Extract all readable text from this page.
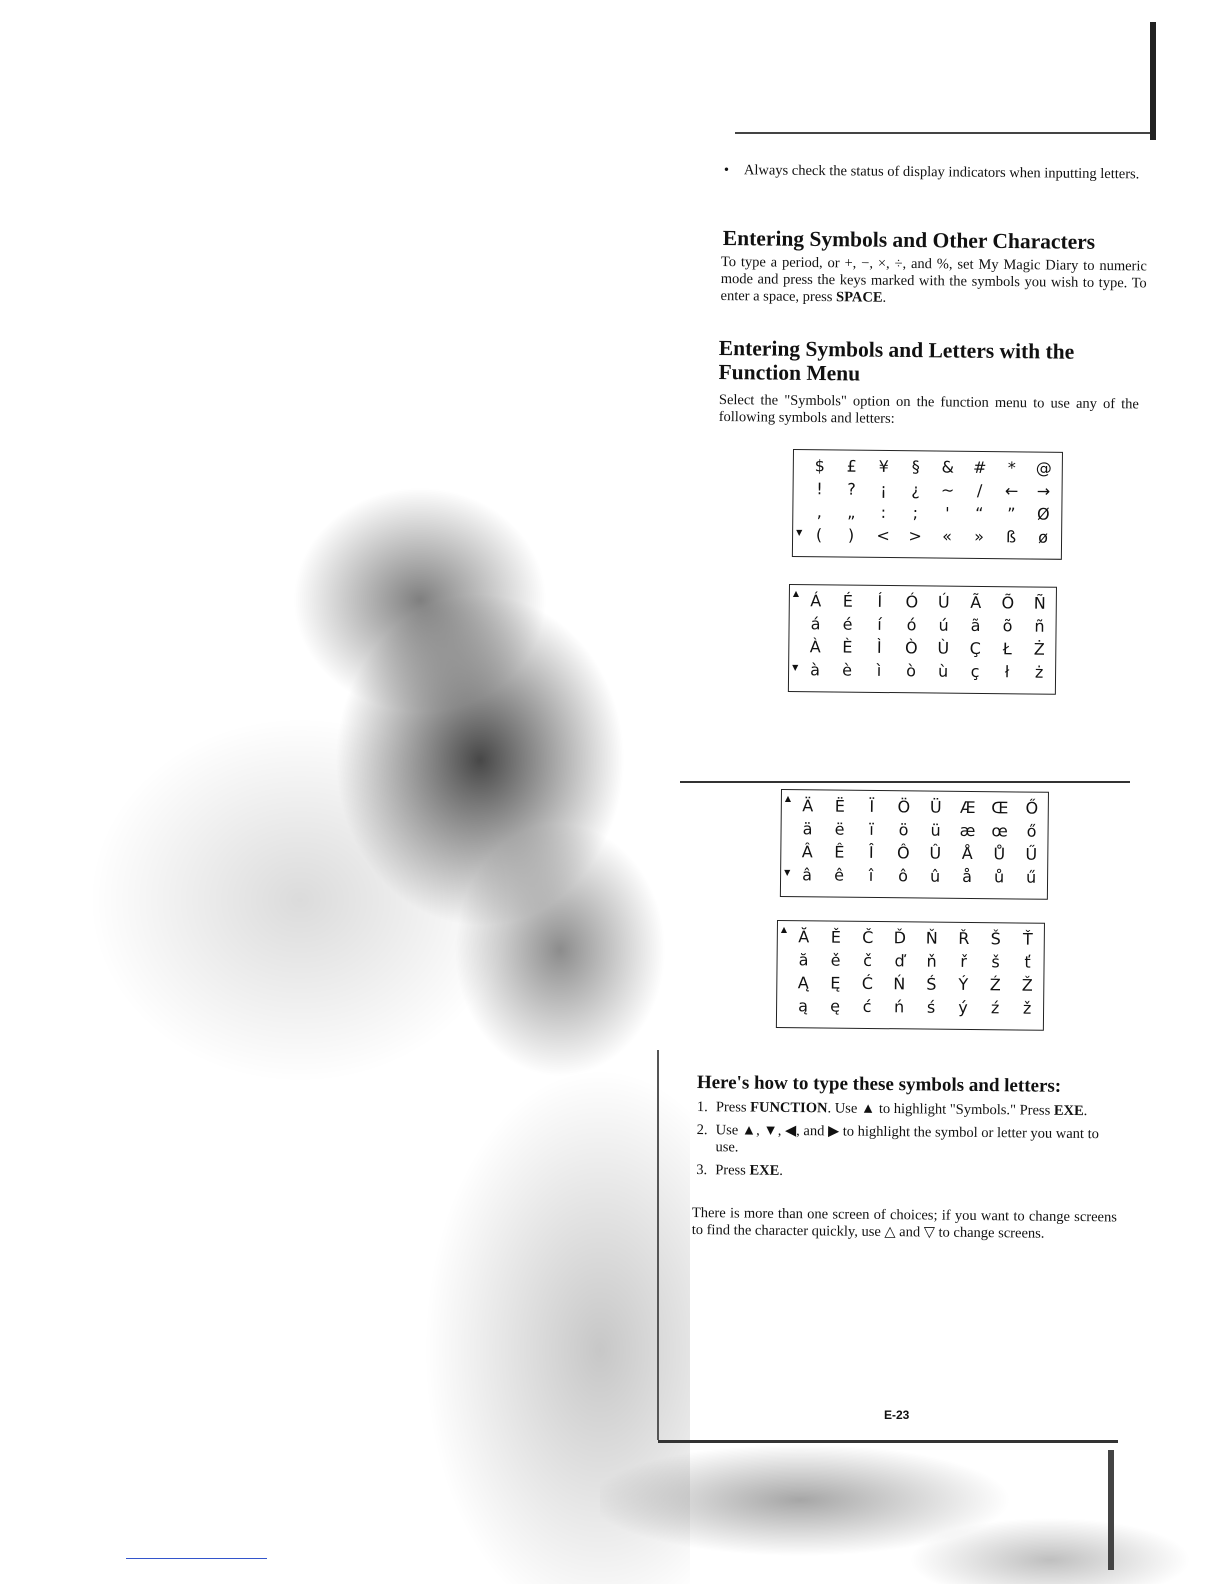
• Always check the status of display indicators when inputting letters.

Entering Symbols and Other Characters

To type a period, or +, −, ×, ÷, and %, set My Magic Diary to numeric mode and press the keys marked with the symbols you wish to type. To enter a space, press SPACE.

Entering Symbols and Letters with the Function Menu

Select the "Symbols" option on the function menu to use any of the following symbols and letters:

▼
$	£	¥	§	&	#	*	@
!	?	¡	¿	~	/	←	→
,	„	:	;	'	“	”	Ø
(	)	<	>	«	»	ß	ø
▲
▼
Á	É	Í	Ó	Ú	Ã	Õ	Ñ
á	é	í	ó	ú	ã	õ	ñ
À	È	Ì	Ò	Ù	Ç	Ł	Ż
à	è	ì	ò	ù	ç	ł	ż
▲
▼
Ä	Ë	Ï	Ö	Ü	Æ	Œ	Ő
ä	ë	ï	ö	ü	æ	œ	ő
Â	Ê	Î	Ô	Û	Å	Ů	Ű
â	ê	î	ô	û	å	ů	ű
▲ Ă	Ě	Č	Ď	Ň	Ř	Š	Ť
ă	ě	č	ď	ň	ř	š	ť
Ą	Ę	Ć	Ń	Ś	Ý	Ź	Ž
ą	ę	ć	ń	ś	ý	ź	ž
Here's how to type these symbols and letters:
1. Press FUNCTION. Use ▲ to highlight "Symbols." Press EXE.
2. Use ▲, ▼, ◀, and ▶ to highlight the symbol or letter you want to use.
3. Press EXE.

There is more than one screen of choices; if you want to change screens to find the character quickly, use △ and ▽ to change screens.

E-23
